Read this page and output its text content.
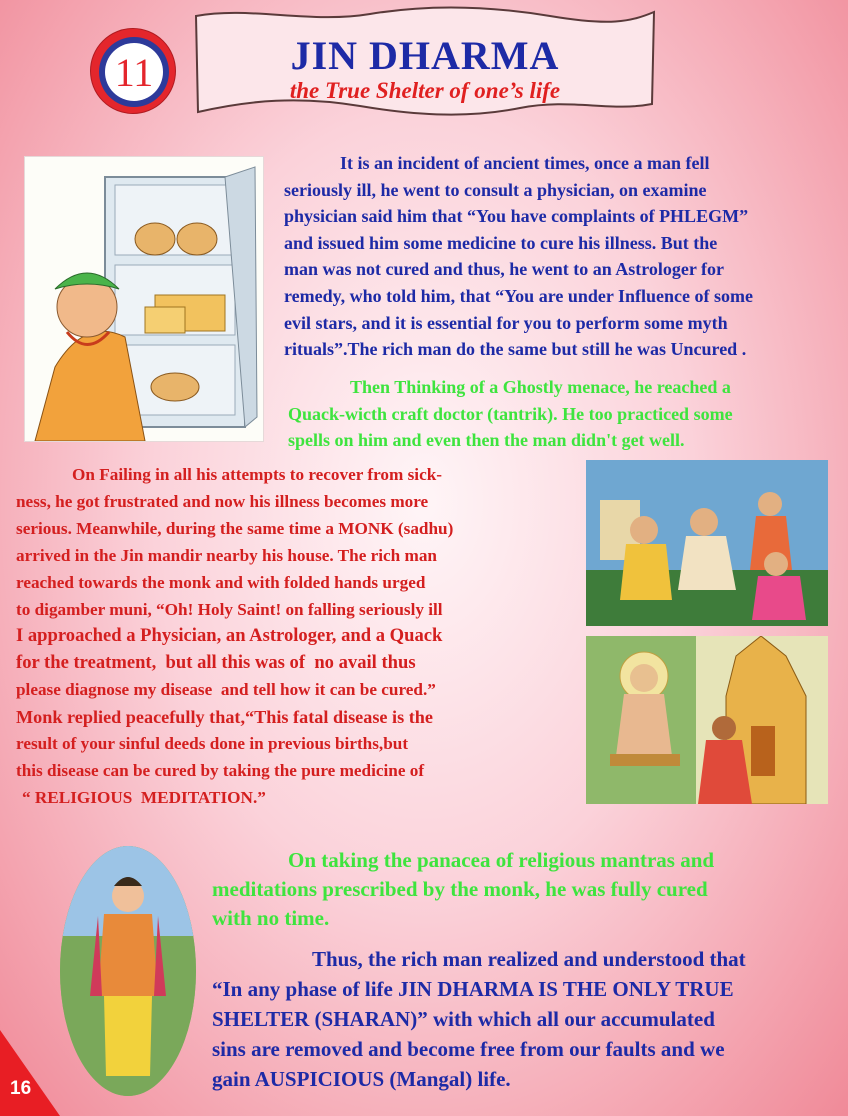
11	JIN DHARMA
the True Shelter of one’s life
It is an incident of ancient times, once a man fell
seriously ill, he went to consult a physician, on examine
physician said him that “You have complaints of PHLEGM”
and issued him some medicine to cure his illness. But the
man was not cured and thus, he went to an Astrologer for
remedy, who told him, that “You are under Influence of some
evil stars, and it is essential for you to perform some myth
rituals”.The rich man do the same but still he was Uncured .
Then Thinking of a Ghostly menace, he reached a
Quack-wicth craft doctor (tantrik). He too practiced some
spells on him and even then the man didn't get well.
On Failing in all his attempts to recover from sick-
ness, he got frustrated and now his illness becomes more
serious. Meanwhile, during the same time a MONK (sadhu)
arrived in the Jin mandir nearby his house. The rich man
reached towards the monk and with folded hands urged
to digamber muni, “Oh! Holy Saint! on falling seriously ill
I approached a Physician, an Astrologer, and a Quack
for the treatment,  but all this was of  no avail thus
please diagnose my disease  and tell how it can be cured.”
Monk replied peacefully that,“This fatal disease is the
result of your sinful deeds done in previous births,but
this disease can be cured by taking the pure medicine of
“ RELIGIOUS  MEDITATION.”
On taking the panacea of religious mantras and
meditations prescribed by the monk, he was fully cured
with no time.
Thus, the rich man realized and understood that
“In any phase of life JIN DHARMA IS THE ONLY TRUE
SHELTER (SHARAN)” with which all our accumulated
sins are removed and become free from our faults and we
gain AUSPICIOUS (Mangal) life.
16
